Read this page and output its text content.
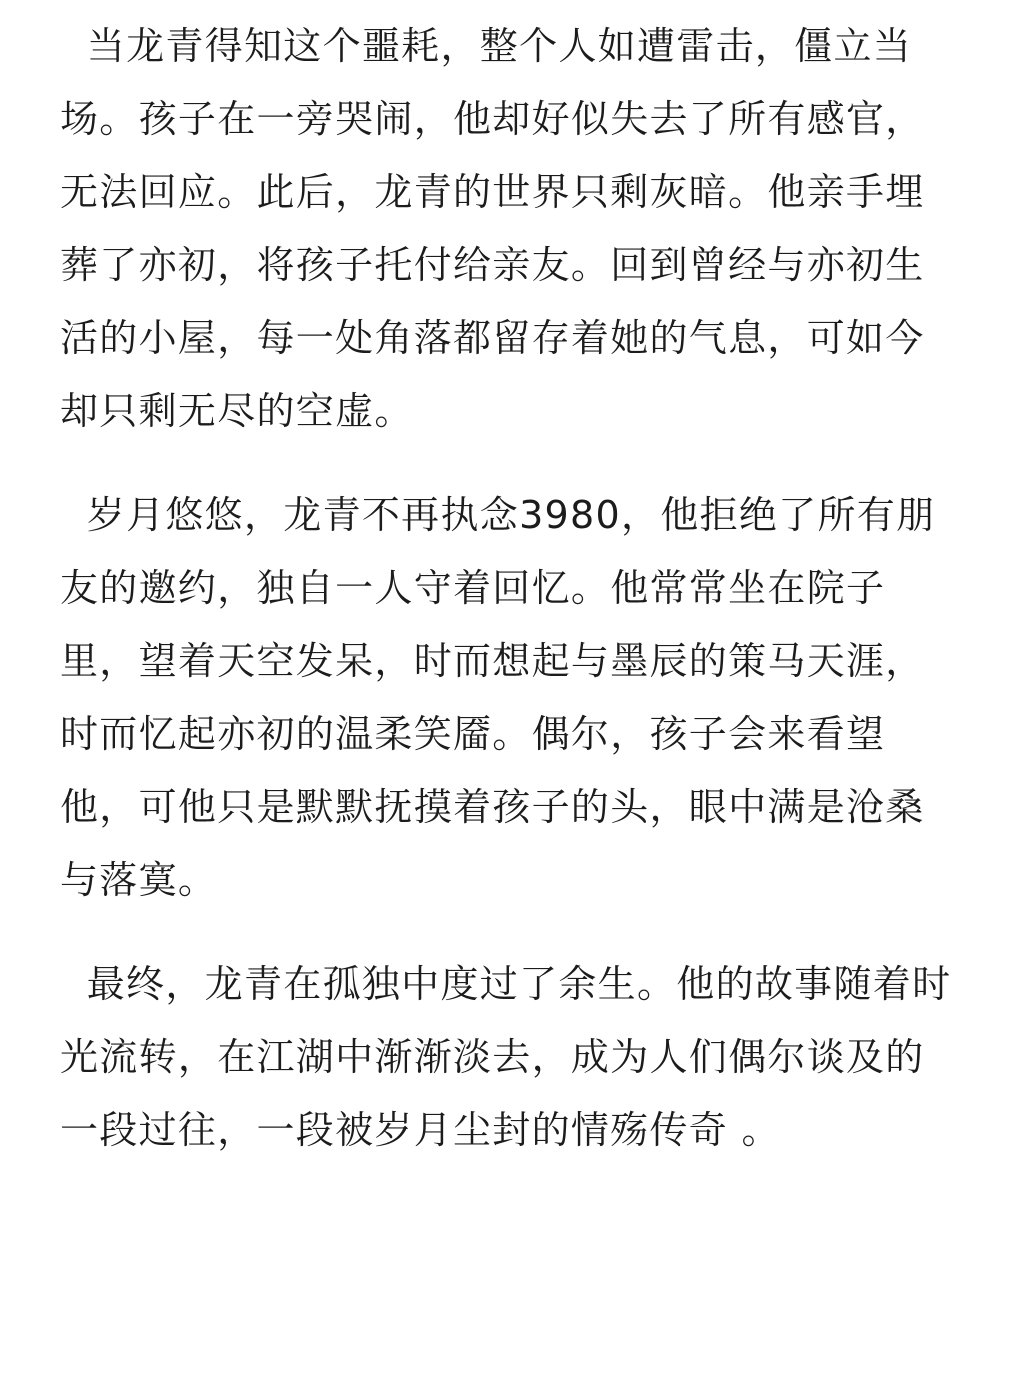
当龙青得知这个噩耗，整个人如遭雷击，僵立当场。孩子在一旁哭闹，他却好似失去了所有感官，无法回应。此后，龙青的世界只剩灰暗。他亲手埋葬了亦初，将孩子托付给亲友。回到曾经与亦初生活的小屋，每一处角落都留存着她的气息，可如今却只剩无尽的空虚。

岁月悠悠，龙青不再执念3980，他拒绝了所有朋友的邀约，独自一人守着回忆。他常常坐在院子里，望着天空发呆，时而想起与墨辰的策马天涯，时而忆起亦初的温柔笑靥。偶尔，孩子会来看望他，可他只是默默抚摸着孩子的头，眼中满是沧桑与落寞。

最终，龙青在孤独中度过了余生。他的故事随着时光流转，在江湖中渐渐淡去，成为人们偶尔谈及的一段过往，一段被岁月尘封的情殇传奇 。
